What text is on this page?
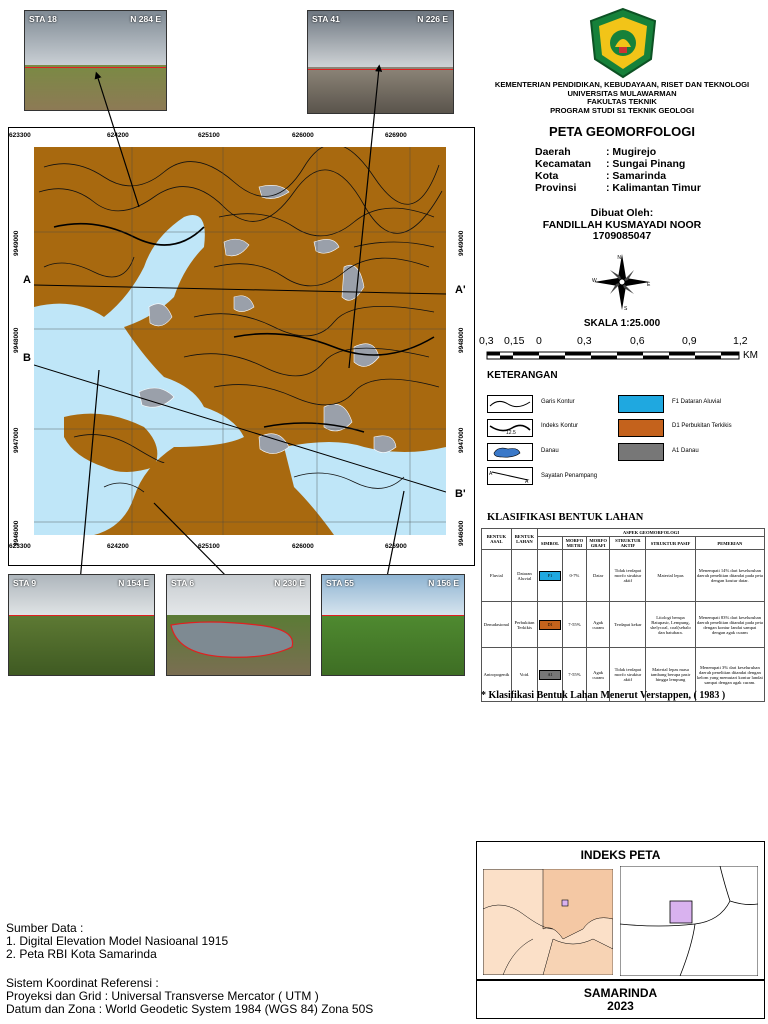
STA 18	N 284 E	STA 41	N 226 E
KEMENTERIAN PENDIDIKAN, KEBUDAYAAN, RISET DAN TEKNOLOGI
UNIVERSITAS MULAWARMAN
FAKULTAS TEKNIK
PROGRAM STUDI S1 TEKNIK GEOLOGI
PETA GEOMORFOLOGI
Daerah	: Mugirejo
Kecamatan : Sungai Pinang
Kota	: Samarinda
Provinsi	: Kalimantan Timur
Dibuat Oleh:
FANDILLAH KUSMAYADI NOOR
1709085047
N
E
W
S
SKALA 1:25.000
0,3 0,15 0	0,3	0,6	0,9	1,2
KM
KETERANGAN
Garis Kontur
12.5
Indeks Kontur
Danau
A
A'
Sayatan Penampang
F1 Dataran Aluvial
D1 Perbukitan Terkikis
A1 Danau
623300	624200	625100	626000	626900
623300	624200	625100	626000	626900
9949000
9948000
9947000
9946000
9949000
9948000
9947000
9946000
A
A'
B
B'
STA 9	N 154 E	STA 6	N 230 E STA 55	N 156 E
KLASIFIKASI BENTUK LAHAN
BENTUK ASAL	BENTUK LAHAN	ASPEK GEOMORFOLOGI					
		SIMBOL	MORFO METRI	MORFO GRAFI	STRUKTUR AKTIF	STRUKTUR PASIF	PEMERIAN
Fluvial	Dataran Aluvial	F1	0-7%	Datar	Tidak terdapat morfo struktur aktif	Material lepas	Menempati 14% dari keseluruhan daerah penelitian ditandai pada peta dengan koutur datar.
Denudasional	Perbukitan Terkikis	D1	7-55%	Agak curam	Terdapat kekar	Litologi berupa Batupasir, Lempung, shelycoal, coal(sebalo dan batubara.	Menempati 83% dari keseluruhan daerah penelitian ditandai pada peta dengan kontur landai sampai dengan agak curam
Antropogenik	Void.	A1	7-55%	Agak curam	Tidak terdapat morfo struktur aktif	Material lepas masa tambang berupa pasir hingga lempung	Menempati 3% dari keseluruhan daerah penelitian ditandai dengan kelom yang memutari kontur landai sampai dengan agak curam.
* Klasifikasi Bentuk Lahan Menerut Verstappen, ( 1983 )
INDEKS PETA
SAMARINDA
2023
Sumber Data :
1. Digital Elevation Model Nasioanal 1915
2. Peta RBI Kota Samarinda
Sistem Koordinat Referensi :
Proyeksi dan Grid : Universal Transverse Mercator ( UTM )
Datum dan Zona : World Geodetic System 1984 (WGS 84) Zona 50S
